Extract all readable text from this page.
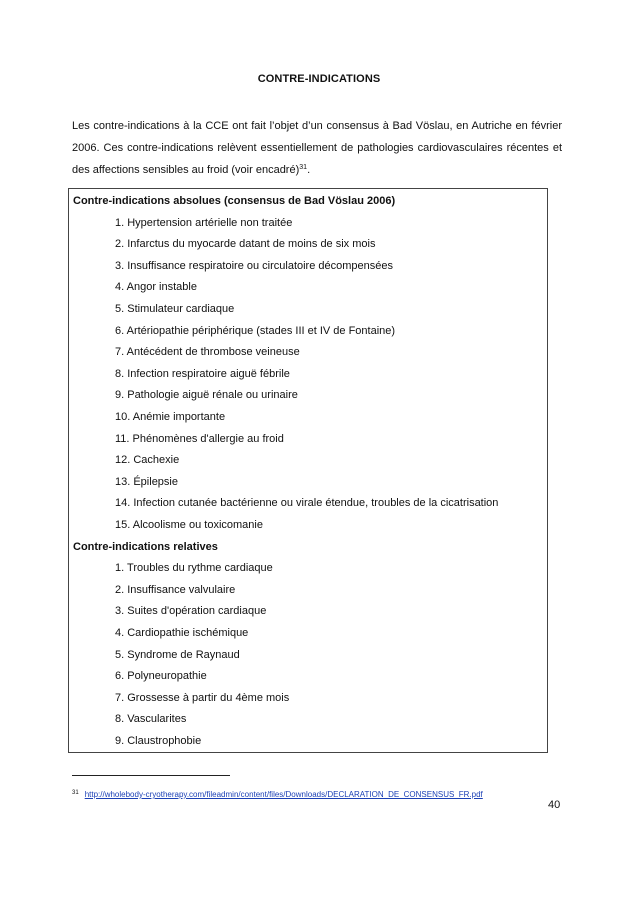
CONTRE-INDICATIONS
Les contre-indications à la CCE ont fait l’objet d’un consensus à Bad Vöslau, en Autriche en février 2006. Ces contre-indications relèvent essentiellement de pathologies cardiovasculaires récentes et des affections sensibles au froid (voir encadré)$^{31}$.
Contre-indications absolues (consensus de Bad Vöslau 2006)
1. Hypertension artérielle non traitée
2. Infarctus du myocarde datant de moins de six mois
3. Insuffisance respiratoire ou circulatoire décompensées
4. Angor instable
5. Stimulateur cardiaque
6. Artériopathie périphérique (stades III et IV de Fontaine)
7. Antécédent de thrombose veineuse
8. Infection respiratoire aiguë fébrile
9. Pathologie aiguë rénale ou urinaire
10. Anémie importante
11. Phénomènes d'allergie au froid
12. Cachexie
13. Épilepsie
14. Infection cutanée bactérienne ou virale étendue, troubles de la cicatrisation
15. Alcoolisme ou toxicomanie
Contre-indications relatives
1. Troubles du rythme cardiaque
2. Insuffisance valvulaire
3. Suites d'opération cardiaque
4. Cardiopathie ischémique
5. Syndrome de Raynaud
6. Polyneuropathie
7. Grossesse à partir du 4ème mois
8. Vascularites
9. Claustrophobie
$^{31}$ http://wholebody-cryotherapy.com/fileadmin/content/files/Downloads/DECLARATION_DE_CONSENSUS_FR.pdf
40
